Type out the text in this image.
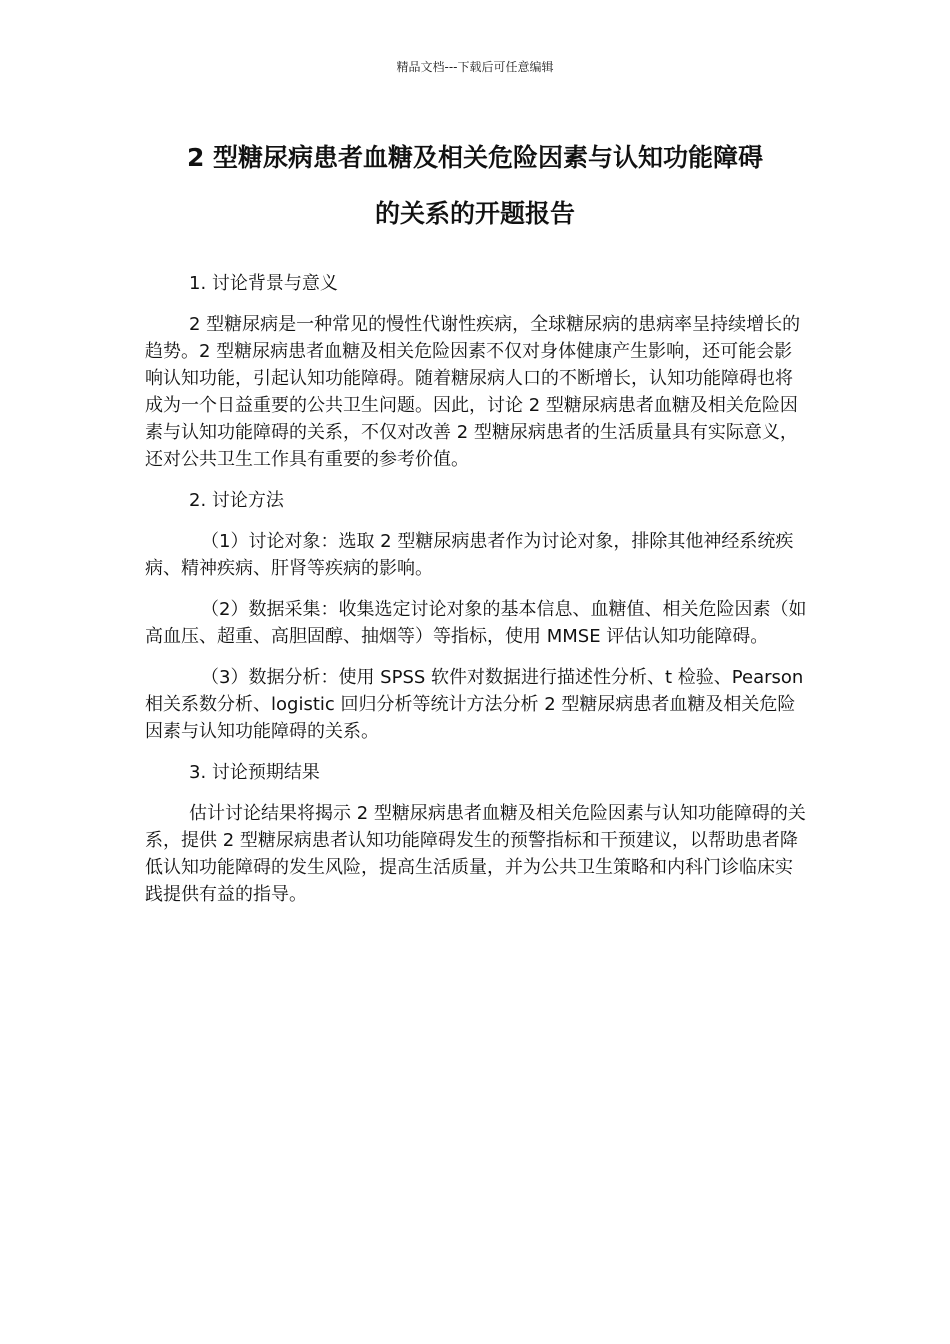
精品文档---下载后可任意编辑
2 型糖尿病患者血糖及相关危险因素与认知功能障碍
的关系的开题报告
1. 讨论背景与意义

2 型糖尿病是一种常见的慢性代谢性疾病，全球糖尿病的患病率呈持续增长的趋势。2 型糖尿病患者血糖及相关危险因素不仅对身体健康产生影响，还可能会影响认知功能，引起认知功能障碍。随着糖尿病人口的不断增长，认知功能障碍也将成为一个日益重要的公共卫生问题。因此，讨论 2 型糖尿病患者血糖及相关危险因素与认知功能障碍的关系，不仅对改善 2 型糖尿病患者的生活质量具有实际意义，还对公共卫生工作具有重要的参考价值。

2. 讨论方法

（1）讨论对象：选取 2 型糖尿病患者作为讨论对象，排除其他神经系统疾病、精神疾病、肝肾等疾病的影响。

（2）数据采集：收集选定讨论对象的基本信息、血糖值、相关危险因素（如高血压、超重、高胆固醇、抽烟等）等指标，使用 MMSE 评估认知功能障碍。

（3）数据分析：使用 SPSS 软件对数据进行描述性分析、t 检验、Pearson 相关系数分析、logistic 回归分析等统计方法分析 2 型糖尿病患者血糖及相关危险因素与认知功能障碍的关系。

3. 讨论预期结果

估计讨论结果将揭示 2 型糖尿病患者血糖及相关危险因素与认知功能障碍的关系，提供 2 型糖尿病患者认知功能障碍发生的预警指标和干预建议，以帮助患者降低认知功能障碍的发生风险，提高生活质量，并为公共卫生策略和内科门诊临床实践提供有益的指导。
